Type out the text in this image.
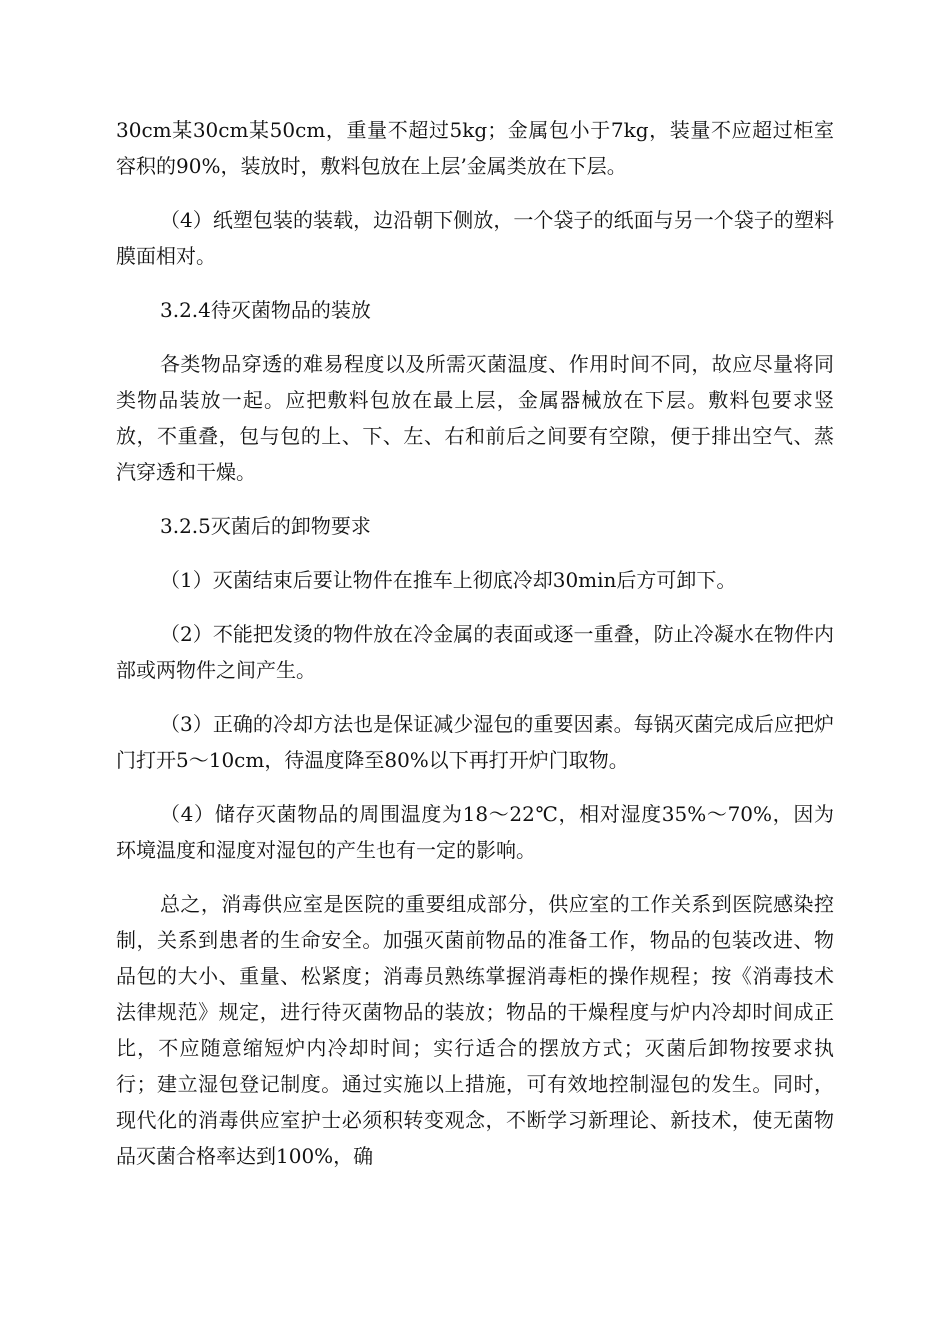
30cm某30cm某50cm，重量不超过5kg；金属包小于7kg，装量不应超过柜室容积的90%，装放时，敷料包放在上层’金属类放在下层。

（4）纸塑包装的装载，边沿朝下侧放，一个袋子的纸面与另一个袋子的塑料膜面相对。

3.2.4待灭菌物品的装放

各类物品穿透的难易程度以及所需灭菌温度、作用时间不同，故应尽量将同类物品装放一起。应把敷料包放在最上层，金属器械放在下层。敷料包要求竖放，不重叠，包与包的上、下、左、右和前后之间要有空隙，便于排出空气、蒸汽穿透和干燥。

3.2.5灭菌后的卸物要求

（1）灭菌结束后要让物件在推车上彻底冷却30min后方可卸下。

（2）不能把发烫的物件放在冷金属的表面或逐一重叠，防止冷凝水在物件内部或两物件之间产生。

（3）正确的冷却方法也是保证减少湿包的重要因素。每锅灭菌完成后应把炉门打开5～10cm，待温度降至80%以下再打开炉门取物。

（4）储存灭菌物品的周围温度为18～22℃，相对湿度35%～70%，因为环境温度和湿度对湿包的产生也有一定的影响。

总之，消毒供应室是医院的重要组成部分，供应室的工作关系到医院感染控制，关系到患者的生命安全。加强灭菌前物品的准备工作，物品的包装改进、物品包的大小、重量、松紧度；消毒员熟练掌握消毒柜的操作规程；按《消毒技术法律规范》规定，进行待灭菌物品的装放；物品的干燥程度与炉内冷却时间成正比，不应随意缩短炉内冷却时间；实行适合的摆放方式；灭菌后卸物按要求执行；建立湿包登记制度。通过实施以上措施，可有效地控制湿包的发生。同时，现代化的消毒供应室护士必须积转变观念，不断学习新理论、新技术，使无菌物品灭菌合格率达到100%，确
